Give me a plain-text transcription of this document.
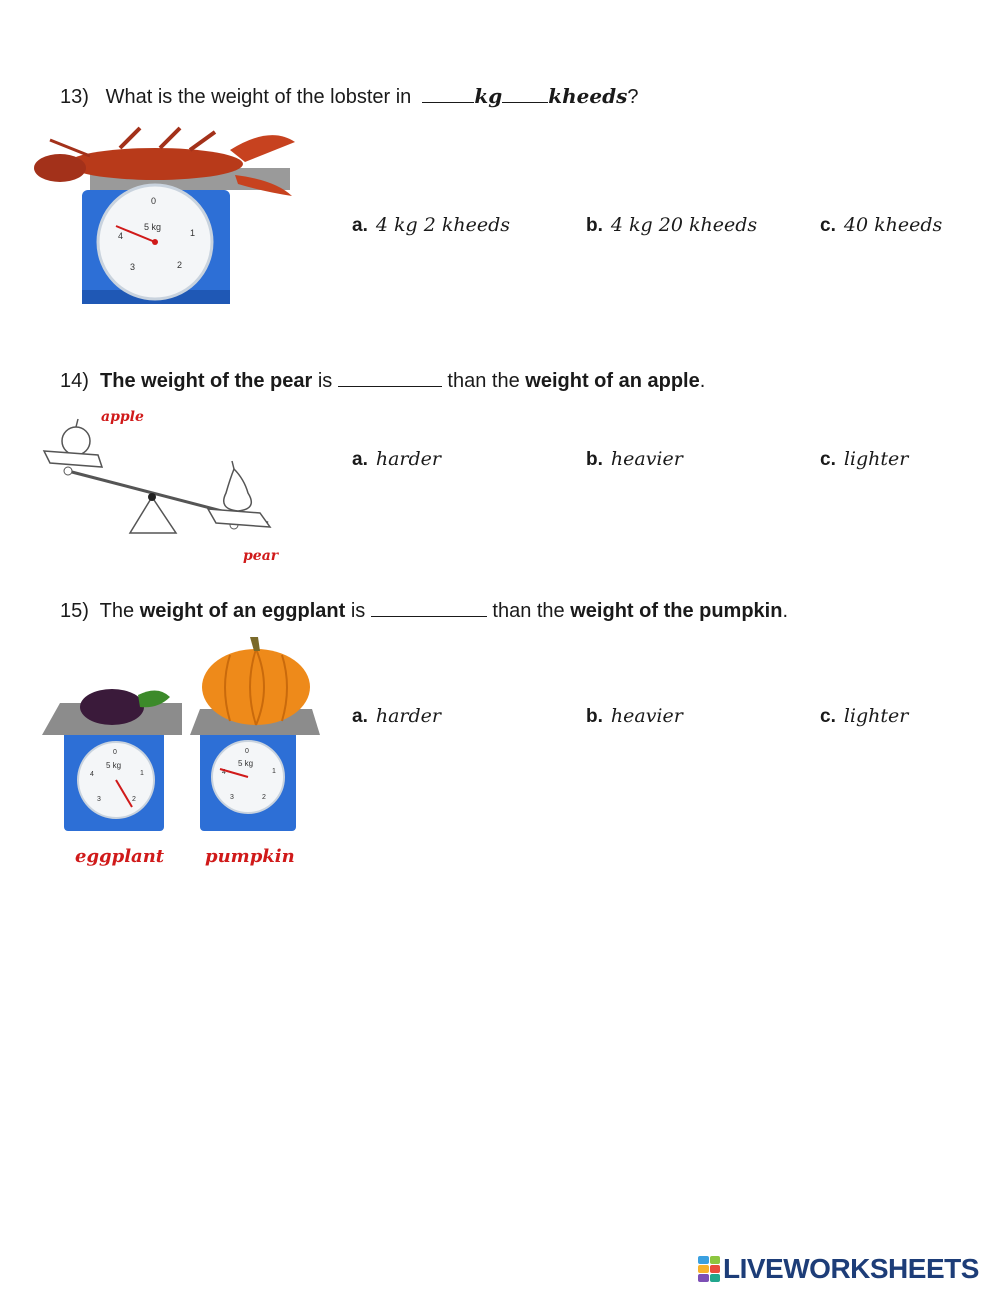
13) What is the weight of the lobster in	kg kheeds?
5 kg
0
1
2
3
4	a. 4 kg 2 kheeds	b. 4 kg 20 kheeds	c. 40 kheeds
14) The weight of the pear is	than the weight of an apple.
apple
pear
a. harder	b. heavier	c. lighter
15) The weight of an eggplant is	than the weight of the pumpkin.
5 kg
0
1
2
3
4
5 kg
0
1
2
3
4
eggplant pumpkin
a. harder	b. heavier	c. lighter
LIVEWORKSHEETS
